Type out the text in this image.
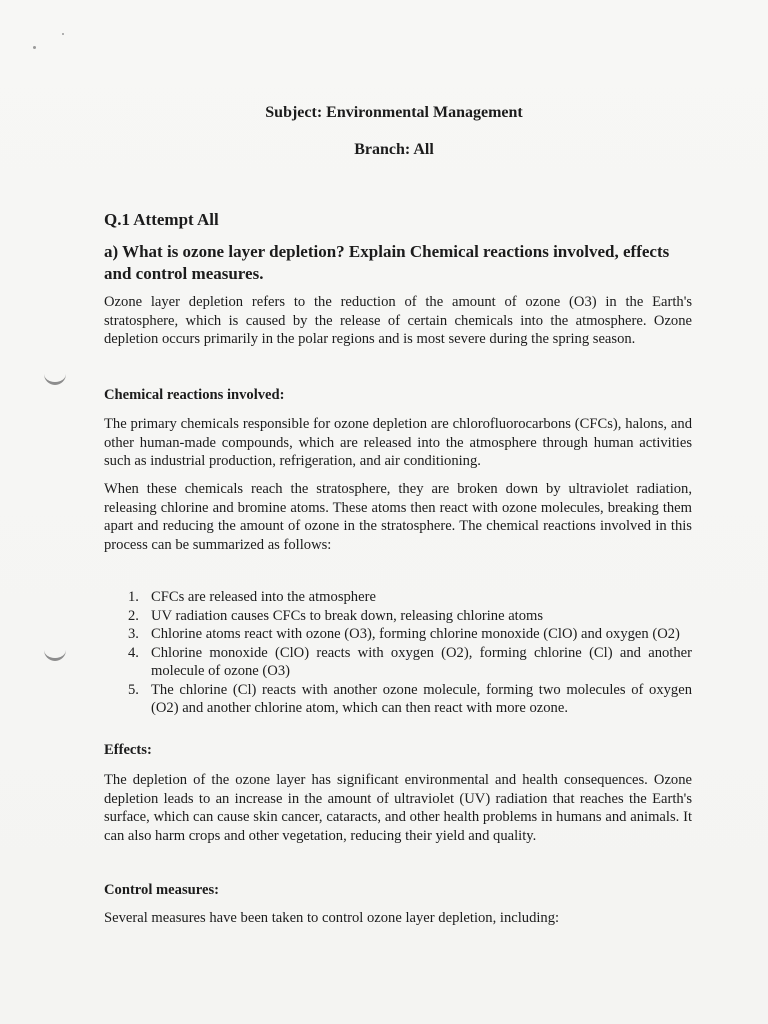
Subject: Environmental Management
Branch: All
Q.1 Attempt All
a) What is ozone layer depletion? Explain Chemical reactions involved, effects and control measures.
Ozone layer depletion refers to the reduction of the amount of ozone (O3) in the Earth's stratosphere, which is caused by the release of certain chemicals into the atmosphere. Ozone depletion occurs primarily in the polar regions and is most severe during the spring season.
Chemical reactions involved:
The primary chemicals responsible for ozone depletion are chlorofluorocarbons (CFCs), halons, and other human-made compounds, which are released into the atmosphere through human activities such as industrial production, refrigeration, and air conditioning.
When these chemicals reach the stratosphere, they are broken down by ultraviolet radiation, releasing chlorine and bromine atoms. These atoms then react with ozone molecules, breaking them apart and reducing the amount of ozone in the stratosphere. The chemical reactions involved in this process can be summarized as follows:
1. CFCs are released into the atmosphere
2. UV radiation causes CFCs to break down, releasing chlorine atoms
3. Chlorine atoms react with ozone (O3), forming chlorine monoxide (ClO) and oxygen (O2)
4. Chlorine monoxide (ClO) reacts with oxygen (O2), forming chlorine (Cl) and another molecule of ozone (O3)
5. The chlorine (Cl) reacts with another ozone molecule, forming two molecules of oxygen (O2) and another chlorine atom, which can then react with more ozone.
Effects:
The depletion of the ozone layer has significant environmental and health consequences. Ozone depletion leads to an increase in the amount of ultraviolet (UV) radiation that reaches the Earth's surface, which can cause skin cancer, cataracts, and other health problems in humans and animals. It can also harm crops and other vegetation, reducing their yield and quality.
Control measures:
Several measures have been taken to control ozone layer depletion, including:
